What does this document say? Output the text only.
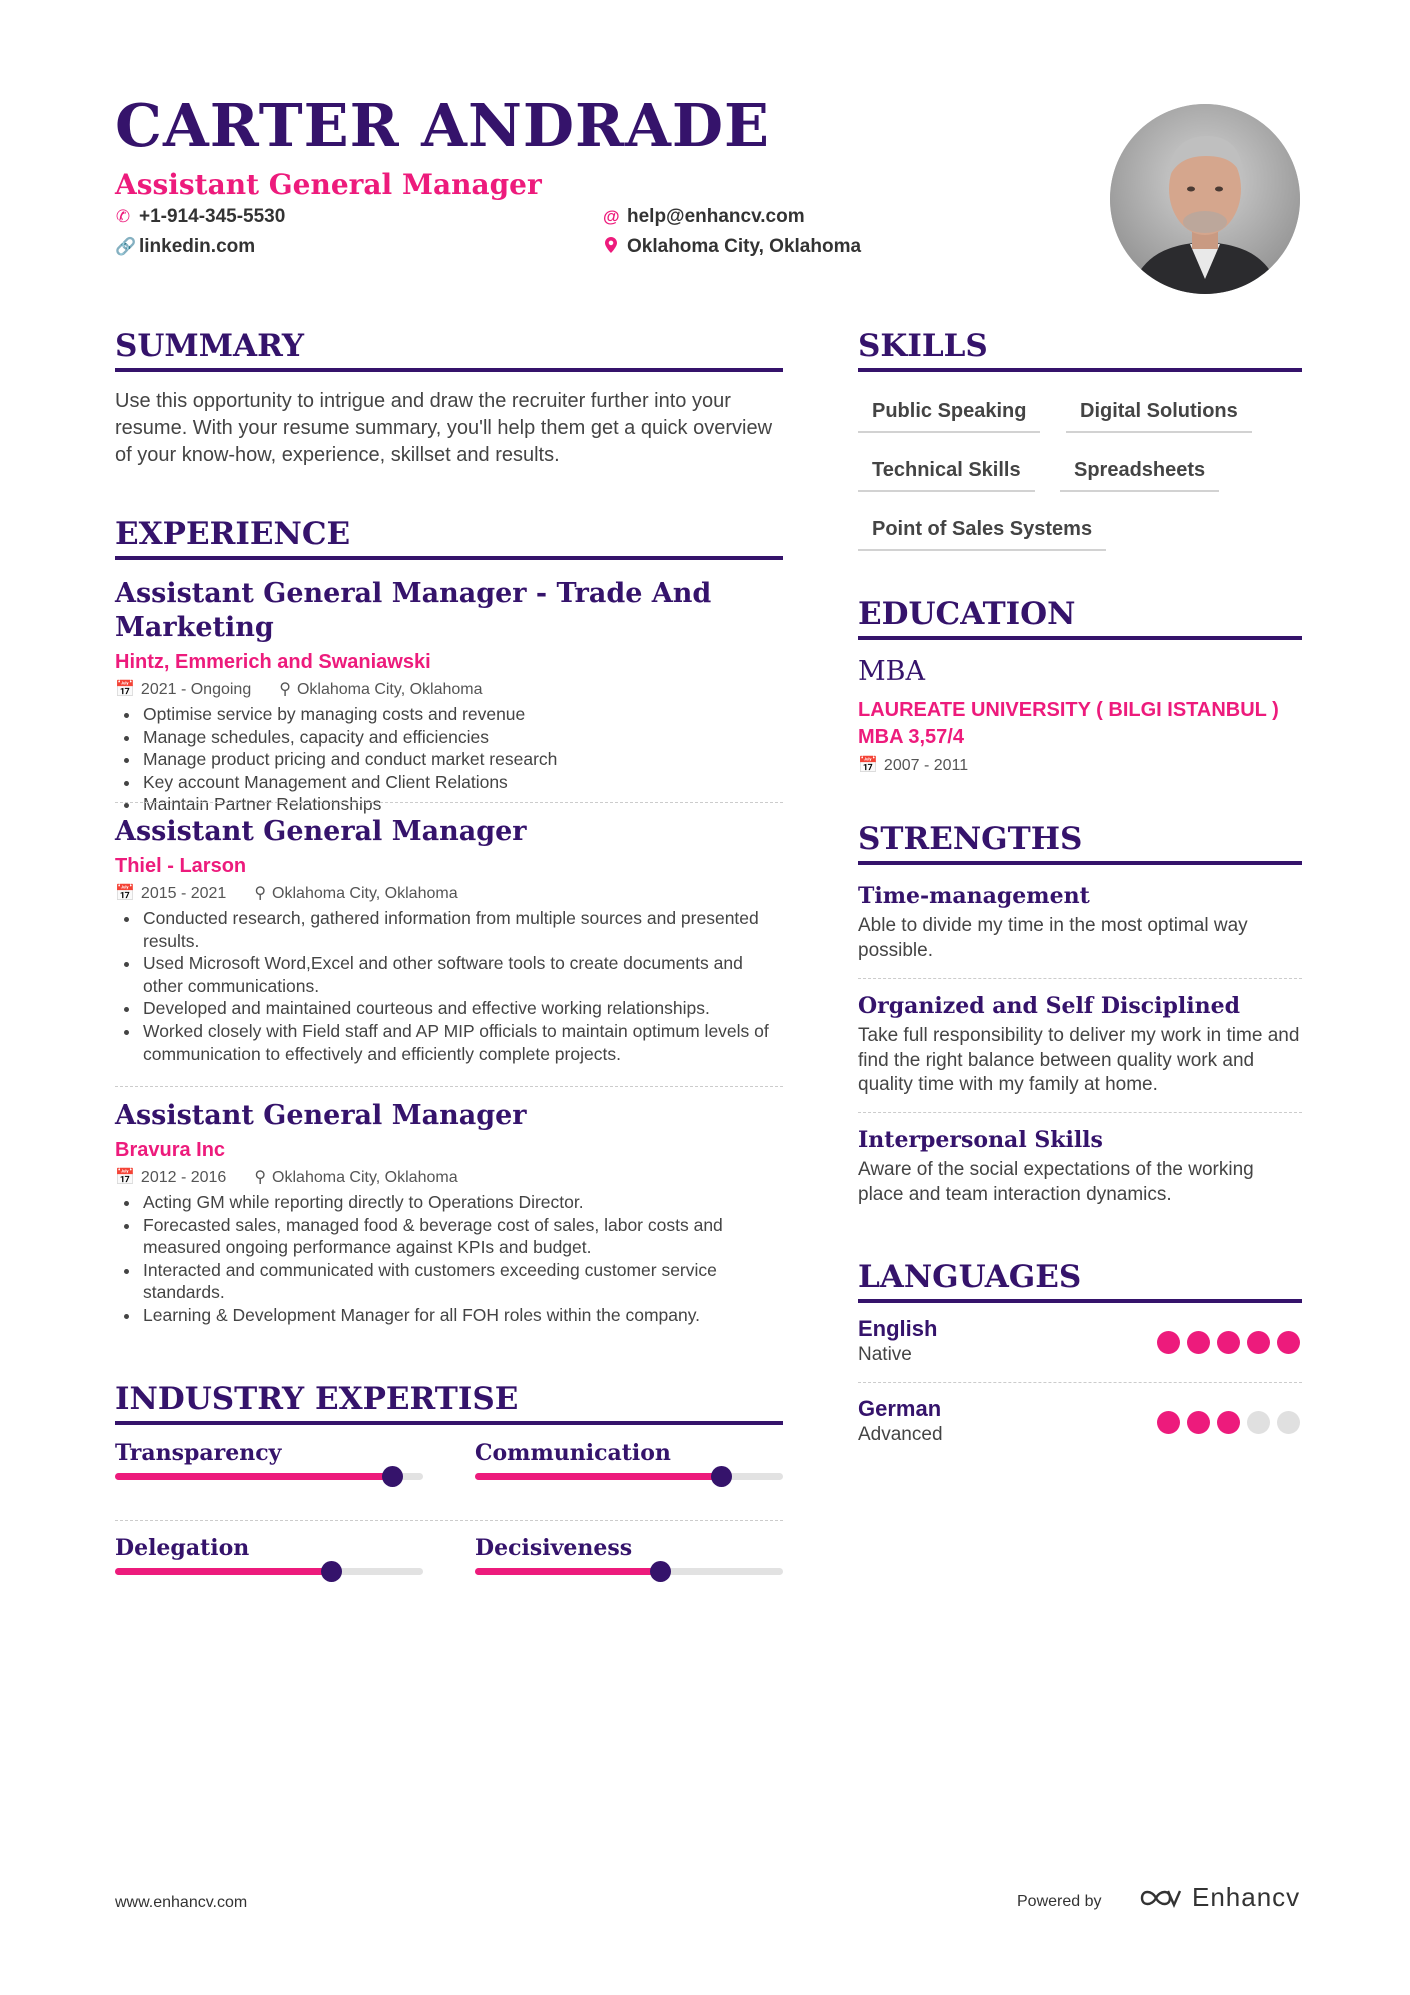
CARTER ANDRADE
Assistant General Manager
✆ +1-914-345-5530	@ help@enhancv.com
🔗 linkedin.com	Oklahoma City, Oklahoma
SUMMARY

Use this opportunity to intrigue and draw the recruiter further into your resume. With your resume summary, you'll help them get a quick overview of your know-how, experience, skillset and results.

EXPERIENCE
Assistant General Manager - Trade And Marketing
Hintz, Emmerich and Swaniawski
📅 2021 - Ongoing ⚲ Oklahoma City, Oklahoma
• Optimise service by managing costs and revenue
• Manage schedules, capacity and efficiencies
• Manage product pricing and conduct market research
• Key account Management and Client Relations
• Maintain Partner Relationships
Assistant General Manager
Thiel - Larson
📅 2015 - 2021 ⚲ Oklahoma City, Oklahoma
• Conducted research, gathered information from multiple sources and presented results.
• Used Microsoft Word,Excel and other software tools to create documents and other communications.
• Developed and maintained courteous and effective working relationships.
• Worked closely with Field staff and AP MIP officials to maintain optimum levels of communication to effectively and efficiently complete projects.
Assistant General Manager
Bravura Inc
📅 2012 - 2016 ⚲ Oklahoma City, Oklahoma
• Acting GM while reporting directly to Operations Director.
• Forecasted sales, managed food & beverage cost of sales, labor costs and measured ongoing performance against KPIs and budget.
• Interacted and communicated with customers exceeding customer service standards.
• Learning & Development Manager for all FOH roles within the company.
INDUSTRY EXPERTISE
Transparency	Communication
Delegation	Decisiveness
SKILLS
Public Speaking	Digital Solutions
Technical Skills	Spreadsheets
Point of Sales Systems
EDUCATION
MBA
LAUREATE UNIVERSITY ( BILGI ISTANBUL ) MBA 3,57/4
📅 2007 - 2011
STRENGTHS
Time-management

Able to divide my time in the most optimal way possible.

Organized and Self Disciplined

Take full responsibility to deliver my work in time and find the right balance between quality work and quality time with my family at home.

Interpersonal Skills

Aware of the social expectations of the working place and team interaction dynamics.

LANGUAGES
English
Native
German
Advanced
www.enhancv.com	Powered by	Enhancv
